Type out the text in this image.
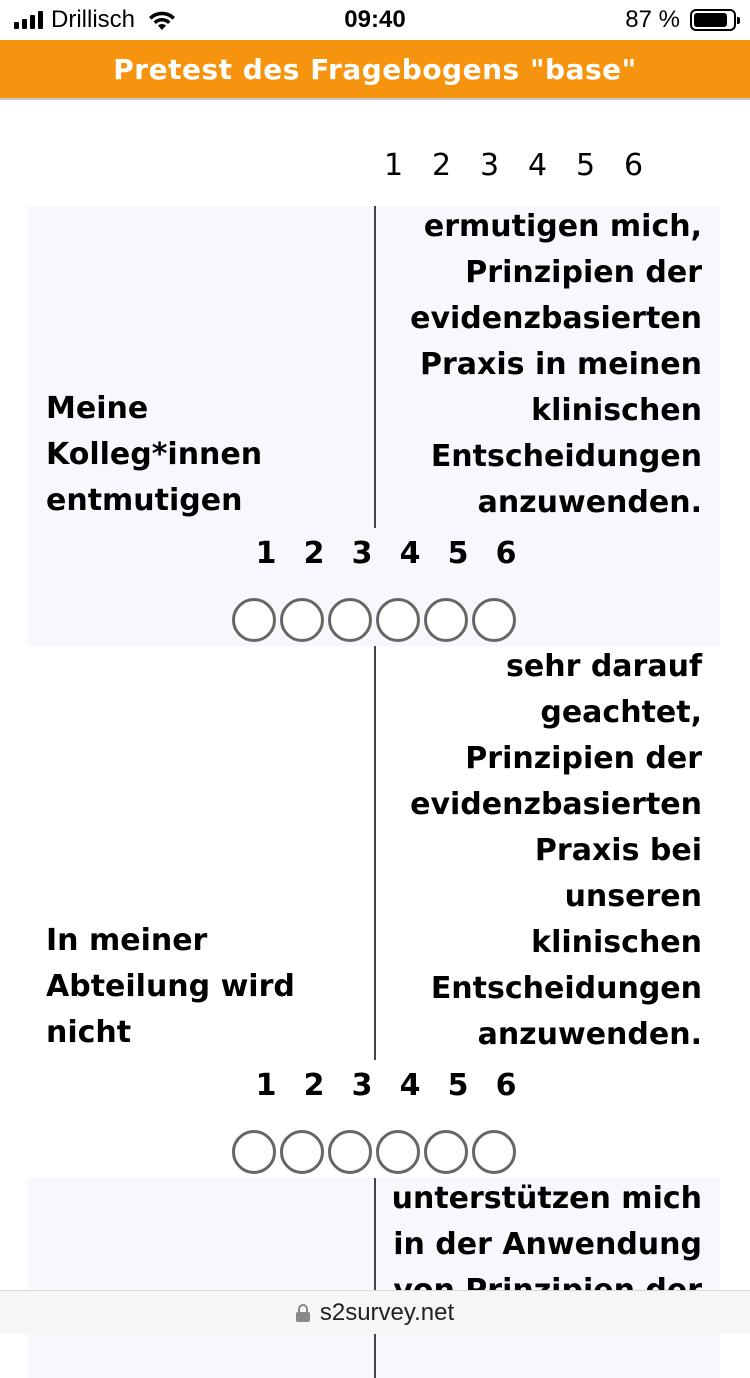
Drillisch	09:40	87 %
Pretest des Fragebogens "base"
1 2 3 4 5 6
Meine
Kolleg*innen
entmutigen
ermutigen mich,
Prinzipien der
evidenzbasierten
Praxis in meinen
klinischen
Entscheidungen
anzuwenden.
1 2 3 4 5 6
In meiner
Abteilung wird
nicht
sehr darauf
geachtet,
Prinzipien der
evidenzbasierten
Praxis bei
unseren
klinischen
Entscheidungen
anzuwenden.
1 2 3 4 5 6
unterstützen mich
in der Anwendung
s2survey.net
